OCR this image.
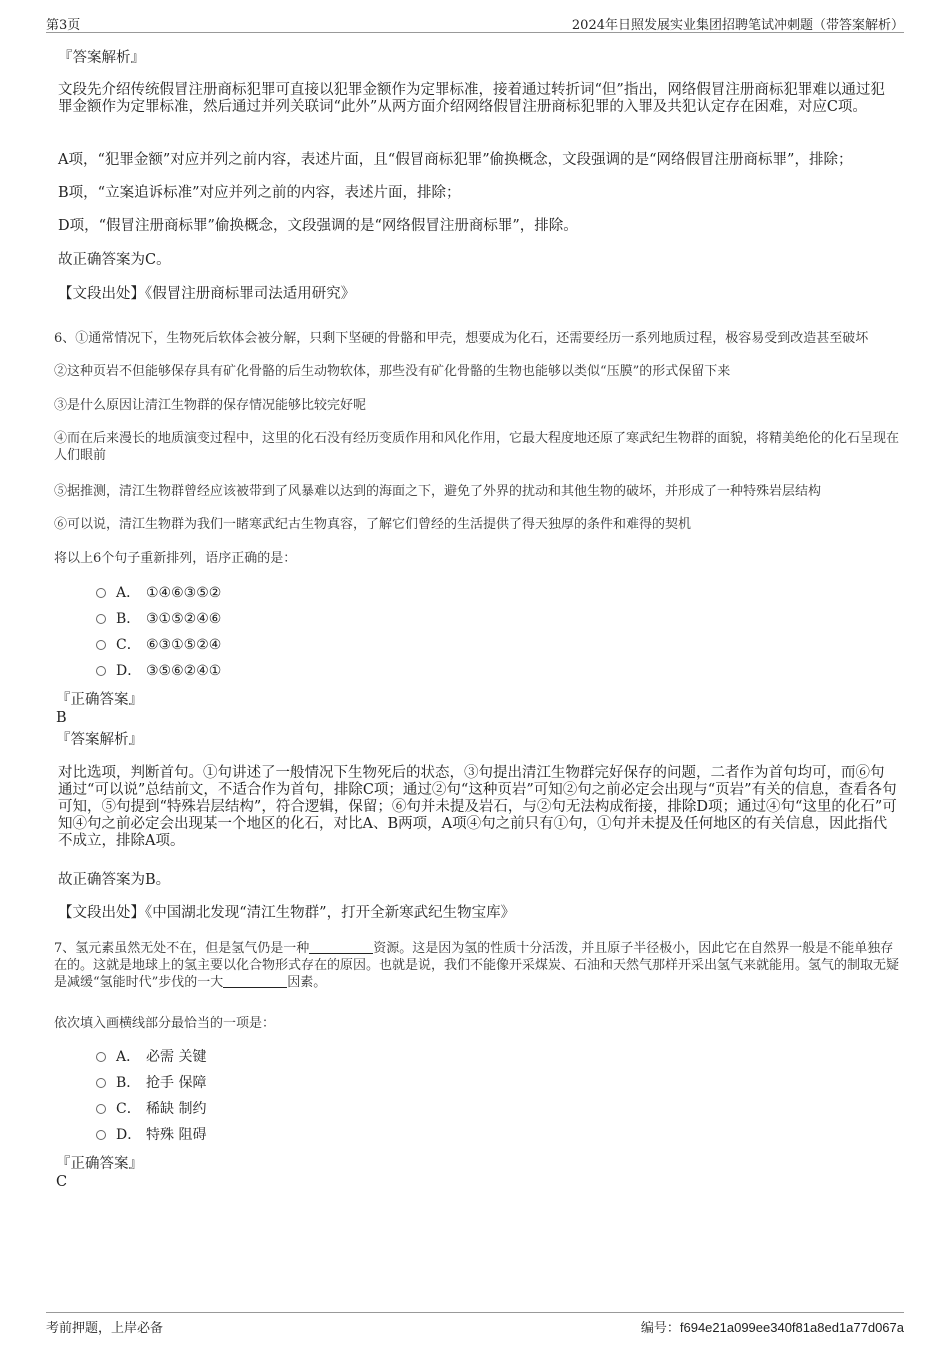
第3页	2024年日照发展实业集团招聘笔试冲刺题（带答案解析）
『答案解析』
文段先介绍传统假冒注册商标犯罪可直接以犯罪金额作为定罪标准，接着通过转折词“但”指出，网络假冒注册商标犯罪难以通过犯罪金额作为定罪标准，然后通过并列关联词“此外”从两方面介绍网络假冒注册商标犯罪的入罪及共犯认定存在困难，对应C项。
A项，“犯罪金额”对应并列之前内容，表述片面，且“假冒商标犯罪”偷换概念，文段强调的是“网络假冒注册商标罪”，排除；
B项，“立案追诉标准”对应并列之前的内容，表述片面，排除；
D项，“假冒注册商标罪”偷换概念，文段强调的是“网络假冒注册商标罪”，排除。
故正确答案为C。
【文段出处】《假冒注册商标罪司法适用研究》
6、①通常情况下，生物死后软体会被分解，只剩下坚硬的骨骼和甲壳，想要成为化石，还需要经历一系列地质过程，极容易受到改造甚至破坏
②这种页岩不但能够保存具有矿化骨骼的后生动物软体，那些没有矿化骨骼的生物也能够以类似“压膜”的形式保留下来
③是什么原因让清江生物群的保存情况能够比较完好呢
④而在后来漫长的地质演变过程中，这里的化石没有经历变质作用和风化作用，它最大程度地还原了寒武纪生物群的面貌，将精美绝伦的化石呈现在人们眼前
⑤据推测，清江生物群曾经应该被带到了风暴难以达到的海面之下，避免了外界的扰动和其他生物的破坏，并形成了一种特殊岩层结构
⑥可以说，清江生物群为我们一睹寒武纪古生物真容，了解它们曾经的生活提供了得天独厚的条件和难得的契机
将以上6个句子重新排列，语序正确的是：
A． ①④⑥③⑤②
B． ③①⑤②④⑥
C． ⑥③①⑤②④
D． ③⑤⑥②④①
『正确答案』
B
『答案解析』
对比选项，判断首句。①句讲述了一般情况下生物死后的状态，③句提出清江生物群完好保存的问题，二者作为首句均可，而⑥句通过“可以说”总结前文，不适合作为首句，排除C项；通过②句“这种页岩”可知②句之前必定会出现与“页岩”有关的信息，查看各句可知，⑤句提到“特殊岩层结构”，符合逻辑，保留；⑥句并未提及岩石，与②句无法构成衔接，排除D项；通过④句“这里的化石”可知④句之前必定会出现某一个地区的化石，对比A、B两项，A项④句之前只有①句，①句并未提及任何地区的有关信息，因此指代不成立，排除A项。
故正确答案为B。
【文段出处】《中国湖北发现“清江生物群”，打开全新寒武纪生物宝库》
7、氢元素虽然无处不在，但是氢气仍是一种	资源。这是因为氢的性质十分活泼，并且原子半径极小，因此它在自然界一般是不能单独存在的。这就是地球上的氢主要以化合物形式存在的原因。也就是说，我们不能像开采煤炭、石油和天然气那样开采出氢气来就能用。氢气的制取无疑是减缓“氢能时代”步伐的一大	因素。
依次填入画横线部分最恰当的一项是：
A． 必需 关键
B． 抢手 保障
C． 稀缺 制约
D． 特殊 阻碍
『正确答案』
C
考前押题，上岸必备	编号：f694e21a099ee340f81a8ed1a77d067a
